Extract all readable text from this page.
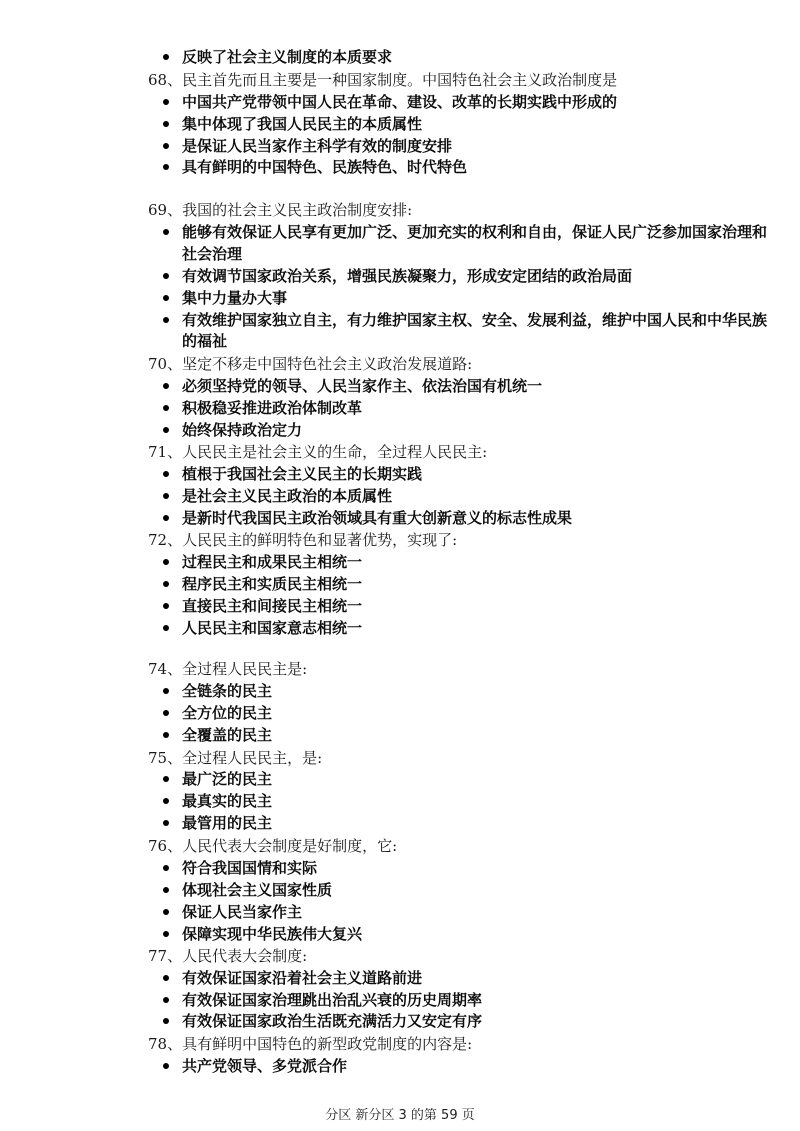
反映了社会主义制度的本质要求
68、民主首先而且主要是一种国家制度。中国特色社会主义政治制度是
中国共产党带领中国人民在革命、建设、改革的长期实践中形成的
集中体现了我国人民民主的本质属性
是保证人民当家作主科学有效的制度安排
具有鲜明的中国特色、民族特色、时代特色
69、我国的社会主义民主政治制度安排:
能够有效保证人民享有更加广泛、更加充实的权利和自由，保证人民广泛参加国家治理和
社会治理
有效调节国家政治关系，增强民族凝聚力，形成安定团结的政治局面
集中力量办大事
有效维护国家独立自主，有力维护国家主权、安全、发展利益，维护中国人民和中华民族
的福祉
70、坚定不移走中国特色社会主义政治发展道路:
必须坚持党的领导、人民当家作主、依法治国有机统一
积极稳妥推进政治体制改革
始终保持政治定力
71、人民民主是社会主义的生命，全过程人民民主:
植根于我国社会主义民主的长期实践
是社会主义民主政治的本质属性
是新时代我国民主政治领域具有重大创新意义的标志性成果
72、人民民主的鲜明特色和显著优势，实现了:
过程民主和成果民主相统一
程序民主和实质民主相统一
直接民主和间接民主相统一
人民民主和国家意志相统一
74、全过程人民民主是:
全链条的民主
全方位的民主
全覆盖的民主
75、全过程人民民主，是:
最广泛的民主
最真实的民主
最管用的民主
76、人民代表大会制度是好制度，它:
符合我国国情和实际
体现社会主义国家性质
保证人民当家作主
保障实现中华民族伟大复兴
77、人民代表大会制度:
有效保证国家沿着社会主义道路前进
有效保证国家治理跳出治乱兴衰的历史周期率
有效保证国家政治生活既充满活力又安定有序
78、具有鲜明中国特色的新型政党制度的内容是:
共产党领导、多党派合作
分区 新分区 3 的第 59 页
